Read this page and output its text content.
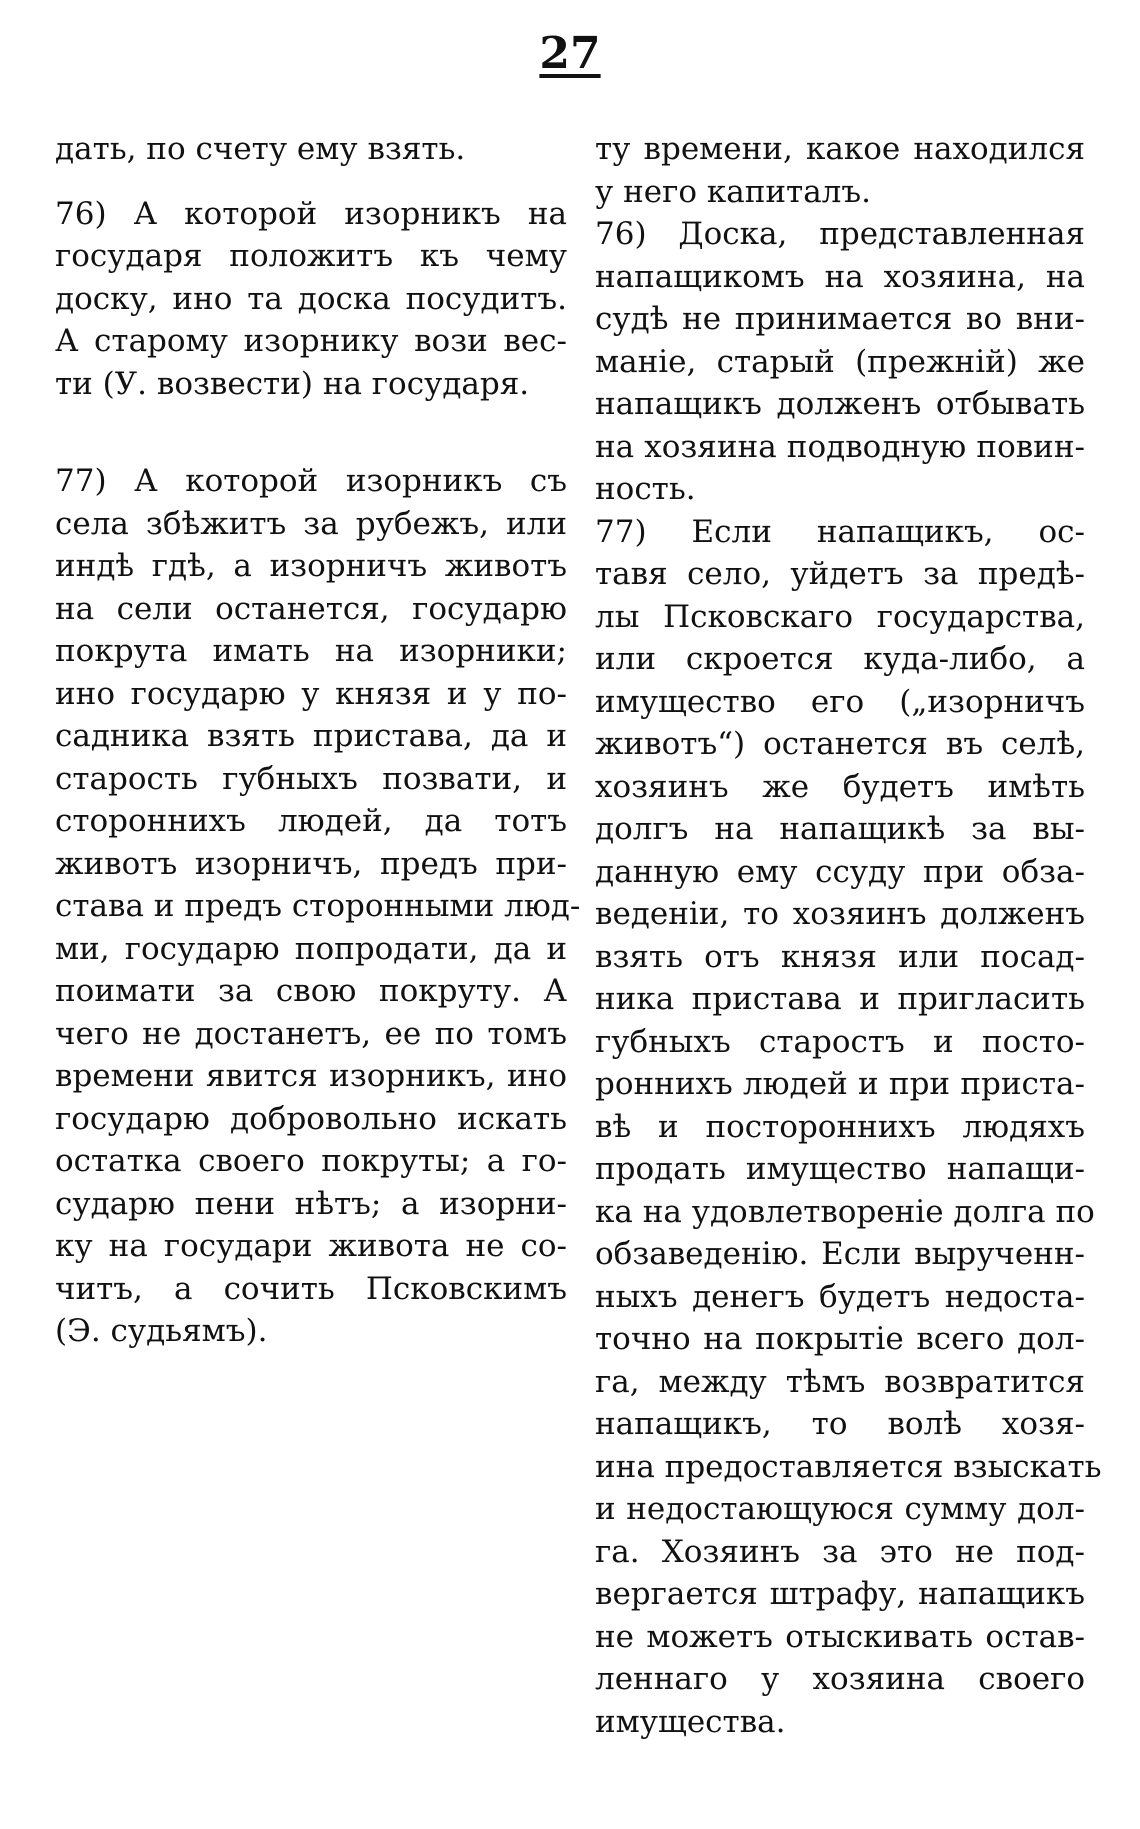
27
дать, по счету ему взять.
76) А которой изорникъ на
государя положитъ къ чему
доску, ино та доска посудитъ.
А старому изорнику вози вес-
ти (У. возвести) на государя.
77) А которой изорникъ съ
села збѣжитъ за рубежъ, или
индѣ гдѣ, а изорничъ животъ
на сели останется, государю
покрута имать на изорники;
ино государю у князя и у по-
садника взять пристава, да и
старость губныхъ позвати, и
сторонниxъ людей, да тотъ
животъ изорничъ, предъ при-
става и предъ сторонными люд-
ми, государю попродати, да и
поимати за свою покруту. А
чего не достанетъ, ее по томъ
времени явится изорникъ, ино
государю добровольно искать
остатка своего покруты; а го-
сударю пени нѣтъ; а изорни-
ку на государи живота не со-
читъ, а сочить Псковскимъ
(Э. судьямъ).
ту времени, какое находился
у него капиталъ.
76) Доска, представленная
напащикомъ на хозяина, на
судѣ не принимается во вни-
маніе, старый (прежній) же
напащикъ долженъ отбывать
на хозяина подводную повин-
ность.
77) Если напащикъ, ос-
тавя село, уйдетъ за предѣ-
лы Псковскаго государства,
или скроется куда-либо, а
имущество его („изорничъ
животъ“) останется въ селѣ,
хозяинъ же будетъ имѣть
долгъ на напащикѣ за вы-
данную ему ссуду при обза-
веденіи, то хозяинъ долженъ
взять отъ князя или посад-
ника пристава и пригласить
губныхъ старостъ и посто-
роннихъ людей и при приста-
вѣ и постороннихъ людяхъ
продать имущество напащи-
ка на удовлетвореніе долга по
обзаведенію. Если вырученн-
ныхъ денегъ будетъ недоста-
точно на покрытіе всего дол-
га, между тѣмъ возвратится
напащикъ, то волѣ хозя-
ина предоставляется взыскать
и недостающуюся сумму дол-
га. Хозяинъ за это не под-
вергается штрафу, напащикъ
не можетъ отыскивать остав-
леннаго у хозяина своего
имущества.
